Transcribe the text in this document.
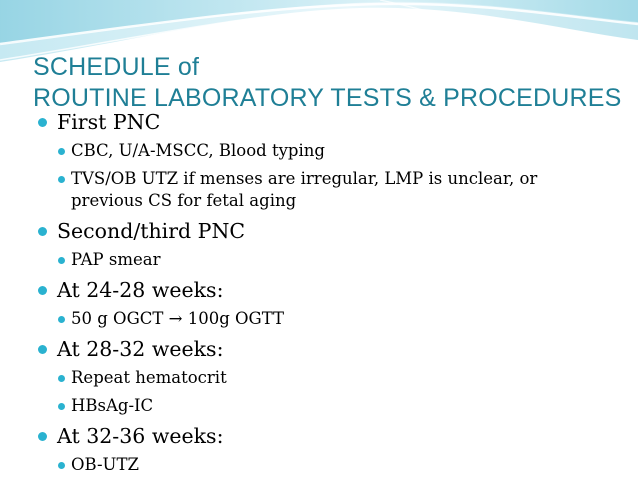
SCHEDULE of
ROUTINE LABORATORY TESTS & PROCEDURES
First PNC
CBC, U/A-MSCC, Blood typing
TVS/OB UTZ if menses are irregular, LMP is unclear, or
previous CS for fetal aging
Second/third PNC
PAP smear
At 24-28 weeks:
50 g OGCT → 100g OGTT
At 28-32 weeks:
Repeat hematocrit
HBsAg-IC
At 32-36 weeks:
OB-UTZ
